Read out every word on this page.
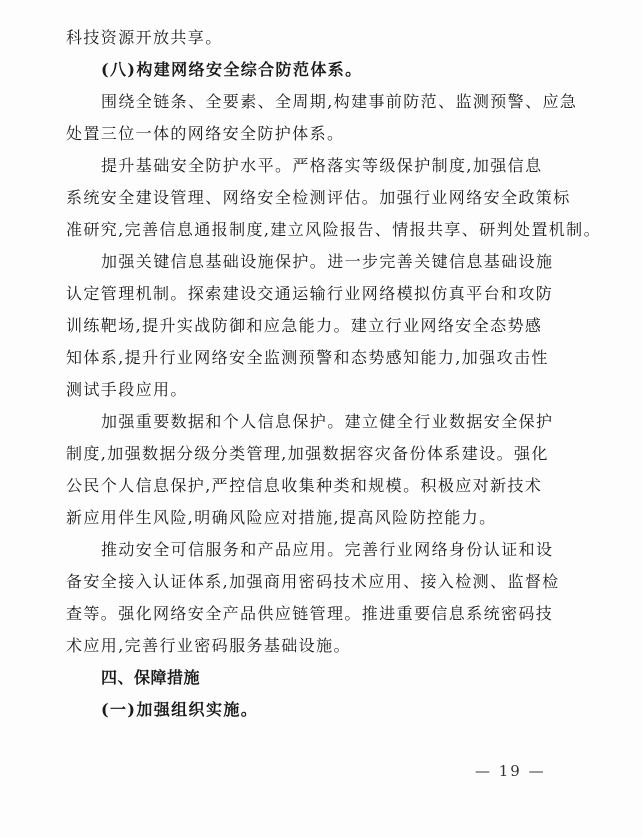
科技资源开放共享。
(八)构建网络安全综合防范体系。
围绕全链条、全要素、全周期,构建事前防范、监测预警、应急
处置三位一体的网络安全防护体系。
提升基础安全防护水平。严格落实等级保护制度,加强信息
系统安全建设管理、网络安全检测评估。加强行业网络安全政策标
准研究,完善信息通报制度,建立风险报告、情报共享、研判处置机制。
加强关键信息基础设施保护。进一步完善关键信息基础设施
认定管理机制。探索建设交通运输行业网络模拟仿真平台和攻防
训练靶场,提升实战防御和应急能力。建立行业网络安全态势感
知体系,提升行业网络安全监测预警和态势感知能力,加强攻击性
测试手段应用。
加强重要数据和个人信息保护。建立健全行业数据安全保护
制度,加强数据分级分类管理,加强数据容灾备份体系建设。强化
公民个人信息保护,严控信息收集种类和规模。积极应对新技术
新应用伴生风险,明确风险应对措施,提高风险防控能力。
推动安全可信服务和产品应用。完善行业网络身份认证和设
备安全接入认证体系,加强商用密码技术应用、接入检测、监督检
查等。强化网络安全产品供应链管理。推进重要信息系统密码技
术应用,完善行业密码服务基础设施。
四、保障措施
(一)加强组织实施。
— 19 —
